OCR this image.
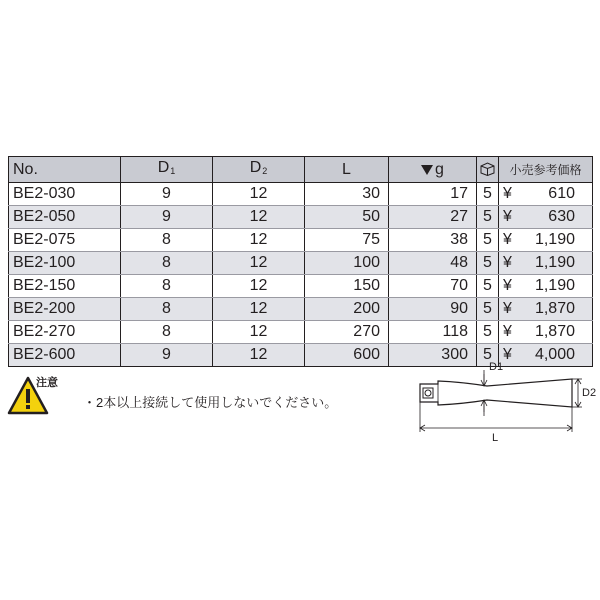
No.	$D_1$	$D_2$	L	g		小売参考価格
BE2-030	9	12	30	17	5	¥ 610
BE2-050	9	12	50	27	5	¥ 630
BE2-075	8	12	75	38	5	¥ 1,190
BE2-100	8	12	100	48	5	¥ 1,190
BE2-150	8	12	150	70	5	¥ 1,190
BE2-200	8	12	200	90	5	¥ 1,870
BE2-270	8	12	270	118	5	¥ 1,870
BE2-600	9	12	600	300	5	¥ 4,000
注意
・2本以上接続して使用しないでください。
D1
D2
L
